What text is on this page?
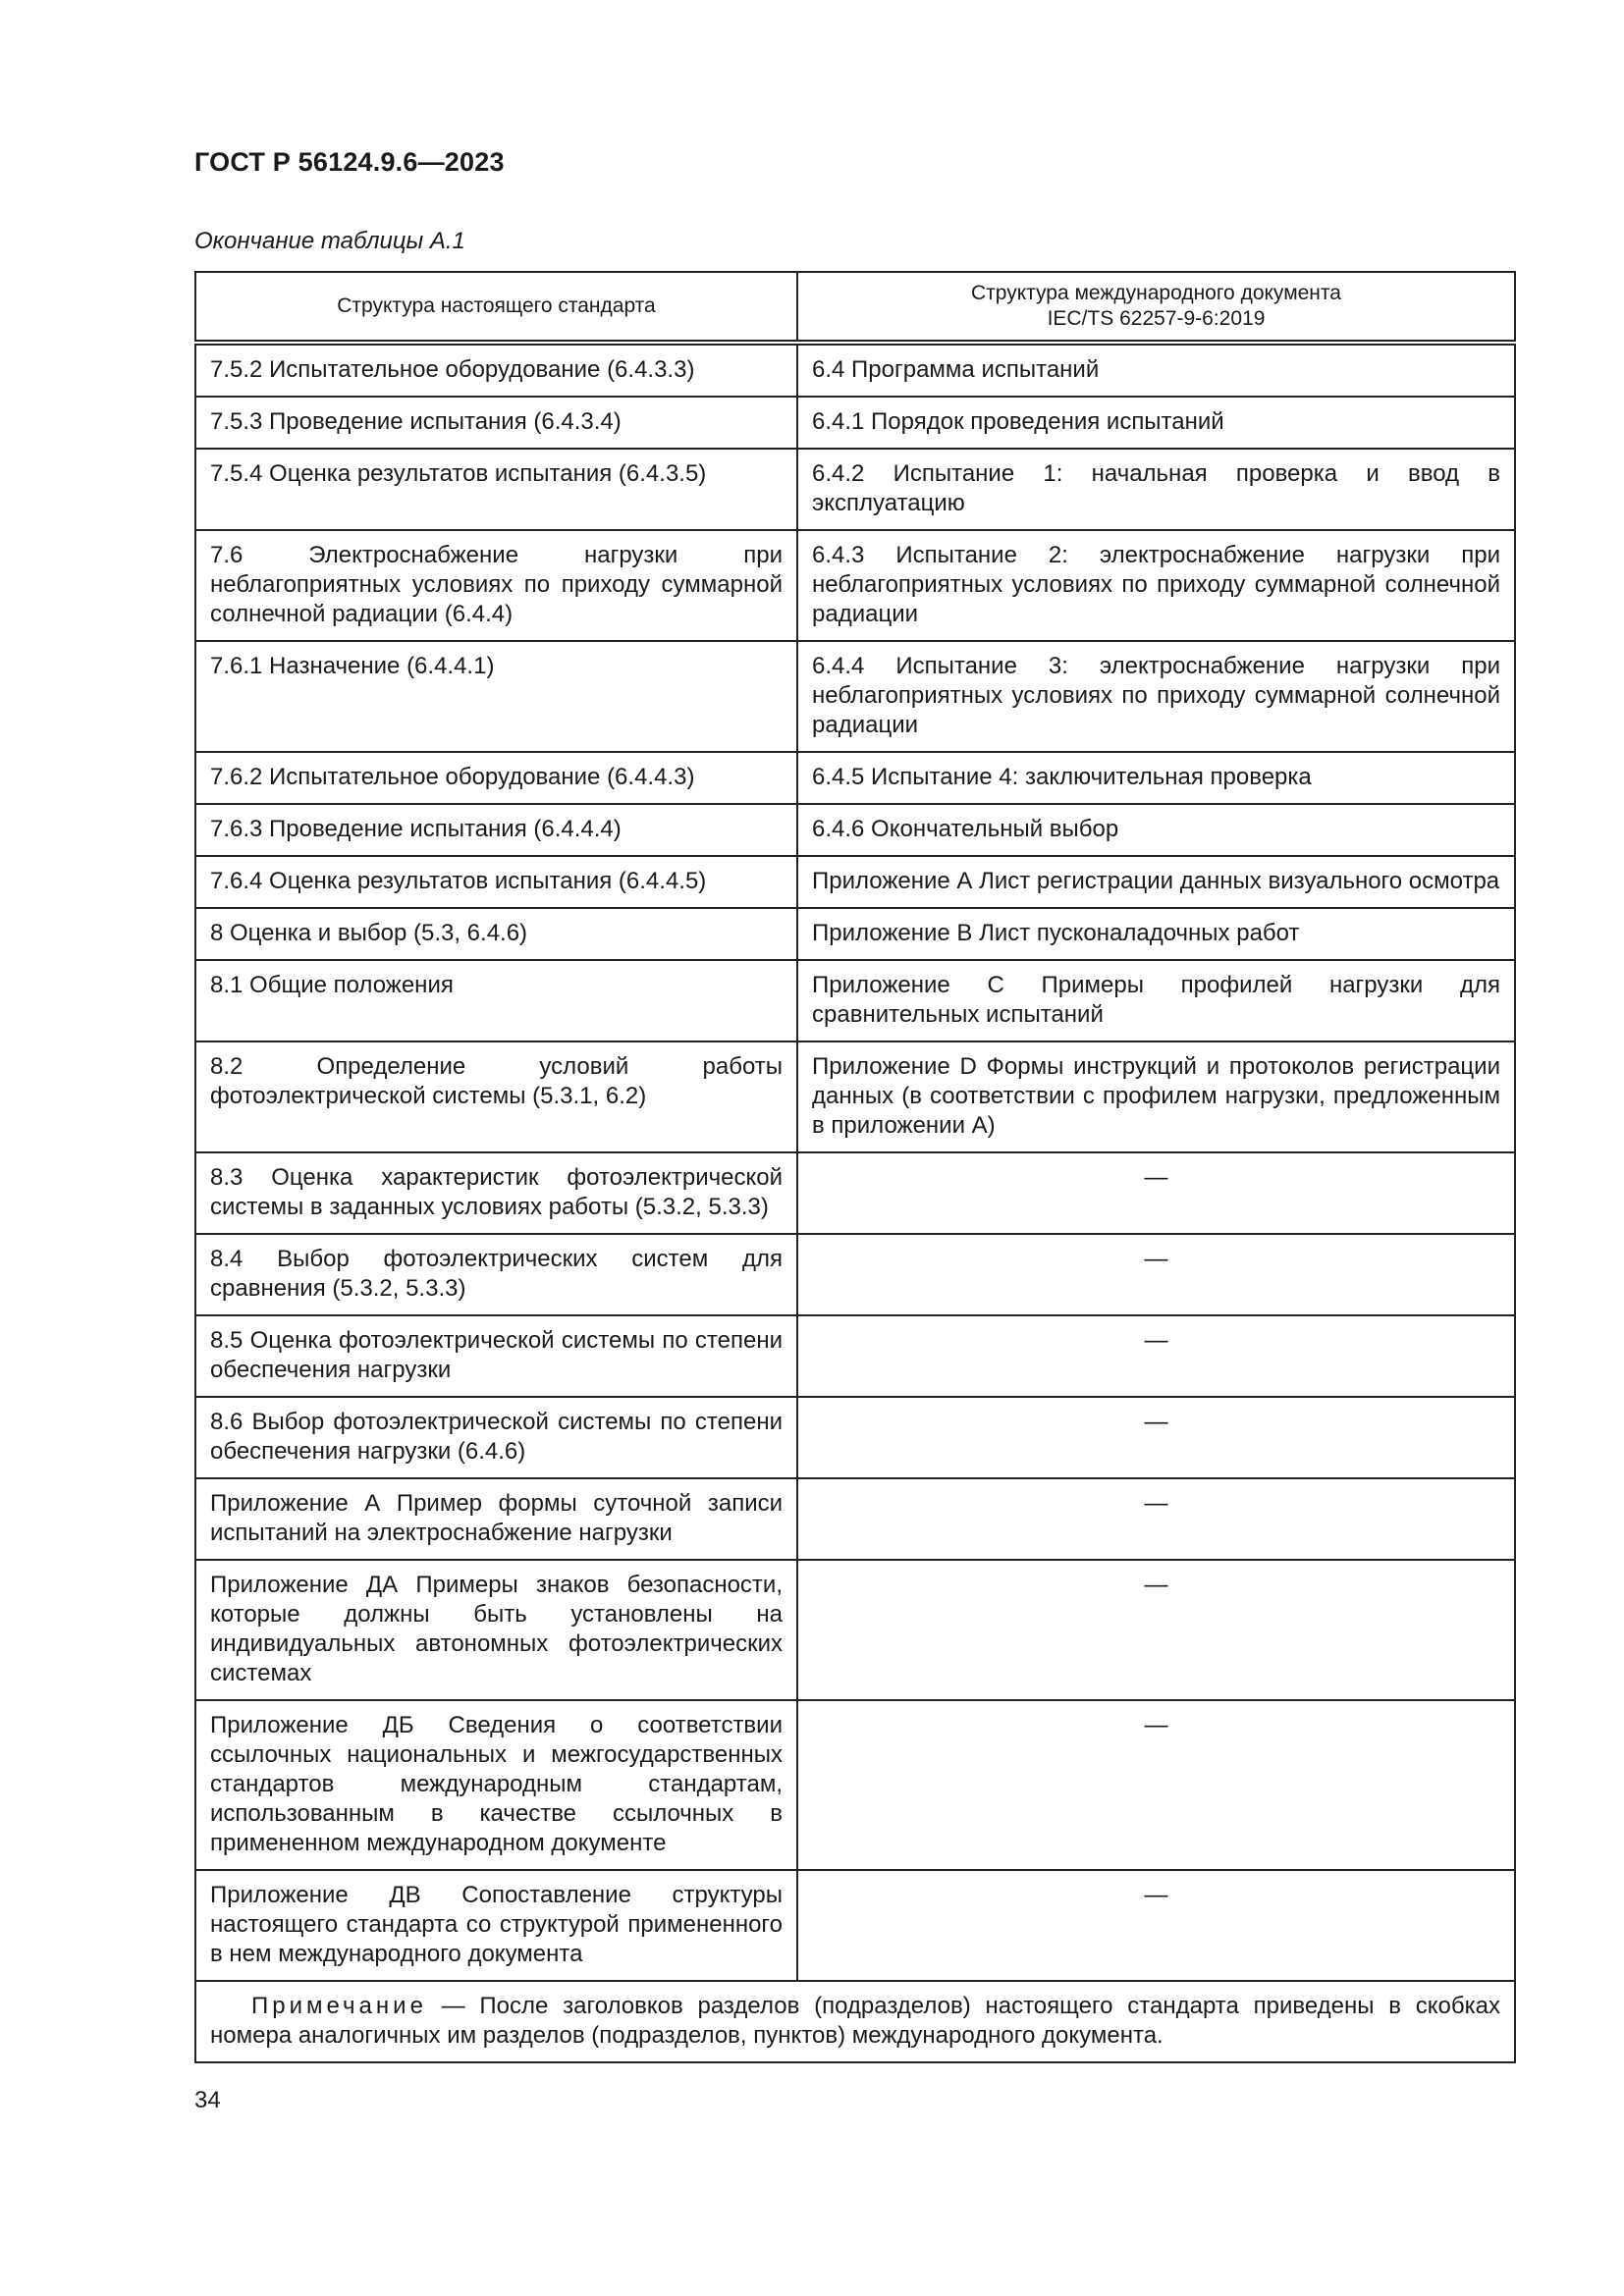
ГОСТ Р 56124.9.6—2023
Окончание таблицы А.1
Структура настоящего стандарта	Структура международного документа
IEC/TS 62257-9-6:2019

7.5.2 Испытательное оборудование (6.4.3.3)	6.4 Программа испытаний

7.5.3 Проведение испытания (6.4.3.4)	6.4.1 Порядок проведения испытаний

7.5.4 Оценка результатов испытания (6.4.3.5)	6.4.2 Испытание 1: начальная проверка и ввод в эксплуатацию

7.6 Электроснабжение нагрузки при неблагоприятных условиях по приходу суммарной солнечной радиации (6.4.4)	6.4.3 Испытание 2: электроснабжение нагрузки при неблагоприятных условиях по приходу суммарной солнечной радиации

7.6.1 Назначение (6.4.4.1)	6.4.4 Испытание 3: электроснабжение нагрузки при неблагоприятных условиях по приходу суммарной солнечной радиации

7.6.2 Испытательное оборудование (6.4.4.3)	6.4.5 Испытание 4: заключительная проверка

7.6.3 Проведение испытания (6.4.4.4)	6.4.6 Окончательный выбор

7.6.4 Оценка результатов испытания (6.4.4.5)	Приложение А Лист регистрации данных визуального осмотра

8 Оценка и выбор (5.3, 6.4.6)	Приложение В Лист пусконаладочных работ

8.1 Общие положения	Приложение С Примеры профилей нагрузки для сравнительных испытаний

8.2 Определение условий работы фотоэлектрической системы (5.3.1, 6.2)	Приложение D Формы инструкций и протоколов регистрации данных (в соответствии с профилем нагрузки, предложенным в приложении А)

8.3 Оценка характеристик фотоэлектрической системы в заданных условиях работы (5.3.2, 5.3.3)	—

8.4 Выбор фотоэлектрических систем для сравнения (5.3.2, 5.3.3)	—

8.5 Оценка фотоэлектрической системы по степени обеспечения нагрузки	—

8.6 Выбор фотоэлектрической системы по степени обеспечения нагрузки (6.4.6)	—

Приложение А Пример формы суточной записи испытаний на электроснабжение нагрузки	—

Приложение ДА Примеры знаков безопасности, которые должны быть установлены на индивидуальных автономных фотоэлектрических системах	—

Приложение ДБ Сведения о соответствии ссылочных национальных и межгосударственных стандартов международным стандартам, использованным в качестве ссылочных в примененном международном документе	—

Приложение ДВ Сопоставление структуры настоящего стандарта со структурой примененного в нем международного документа	—
Примечание — После заголовков разделов (подразделов) настоящего стандарта приведены в скобках номера аналогичных им разделов (подразделов, пунктов) международного документа.	
34
